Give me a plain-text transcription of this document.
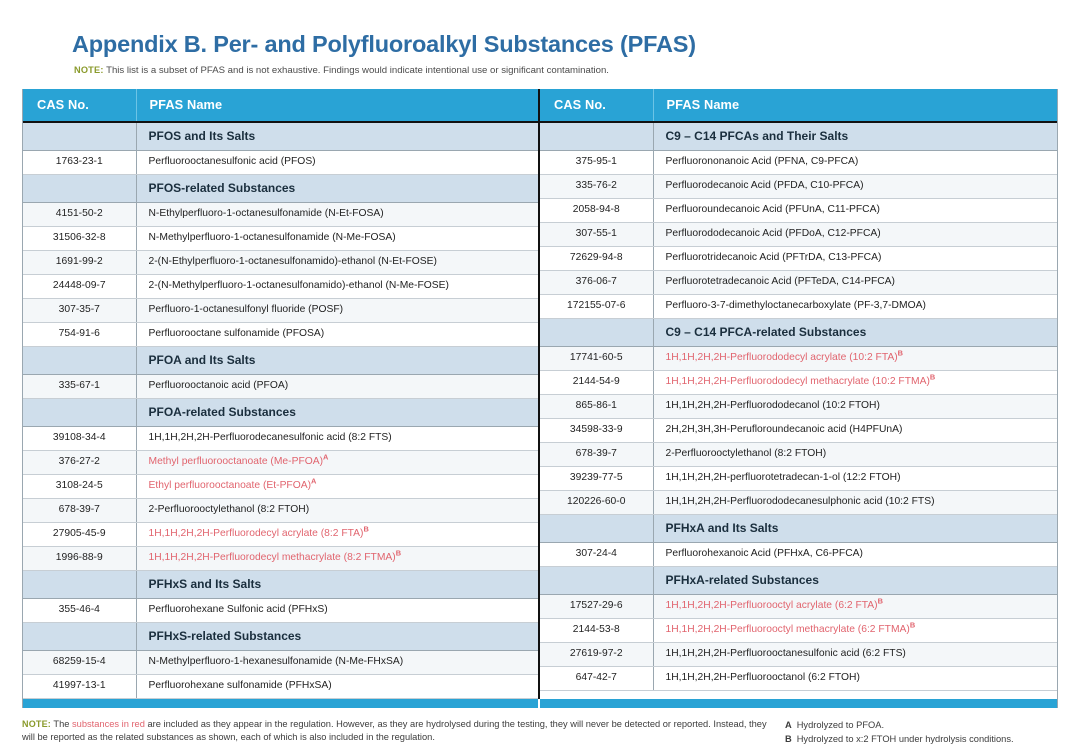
Appendix B. Per- and Polyfluoroalkyl Substances (PFAS)

NOTE: This list is a subset of PFAS and is not exhaustive. Findings would indicate intentional use or significant contamination.

CAS No.	PFAS Name
	PFOS and Its Salts
1763-23-1	Perfluorooctanesulfonic acid (PFOS)
	PFOS-related Substances
4151-50-2	N-Ethylperfluoro-1-octanesulfonamide (N-Et-FOSA)
31506-32-8	N-Methylperfluoro-1-octanesulfonamide (N-Me-FOSA)
1691-99-2	2-(N-Ethylperfluoro-1-octanesulfonamido)-ethanol (N-Et-FOSE)
24448-09-7	2-(N-Methylperfluoro-1-octanesulfonamido)-ethanol (N-Me-FOSE)
307-35-7	Perfluoro-1-octanesulfonyl fluoride (POSF)
754-91-6	Perfluorooctane sulfonamide (PFOSA)
	PFOA and Its Salts
335-67-1	Perfluorooctanoic acid (PFOA)
	PFOA-related Substances
39108-34-4	1H,1H,2H,2H-Perfluorodecanesulfonic acid (8:2 FTS)
376-27-2	Methyl perfluorooctanoate (Me-PFOA)$^A$
3108-24-5	Ethyl perfluorooctanoate (Et-PFOA)$^A$
678-39-7	2-Perfluorooctylethanol (8:2 FTOH)
27905-45-9	1H,1H,2H,2H-Perfluorodecyl acrylate (8:2 FTA)$^B$
1996-88-9	1H,1H,2H,2H-Perfluorodecyl methacrylate (8:2 FTMA)$^B$
	PFHxS and Its Salts
355-46-4	Perfluorohexane Sulfonic acid (PFHxS)
	PFHxS-related Substances
68259-15-4	N-Methylperfluoro-1-hexanesulfonamide (N-Me-FHxSA)
41997-13-1	Perfluorohexane sulfonamide (PFHxSA)
CAS No.	PFAS Name
	C9 – C14 PFCAs and Their Salts
375-95-1	Perfluorononanoic Acid (PFNA, C9-PFCA)
335-76-2	Perfluorodecanoic Acid (PFDA, C10-PFCA)
2058-94-8	Perfluoroundecanoic Acid (PFUnA, C11-PFCA)
307-55-1	Perfluorododecanoic Acid (PFDoA, C12-PFCA)
72629-94-8	Perfluorotridecanoic Acid (PFTrDA, C13-PFCA)
376-06-7	Perfluorotetradecanoic Acid (PFTeDA, C14-PFCA)
172155-07-6	Perfluoro-3-7-dimethyloctanecarboxylate (PF-3,7-DMOA)
	C9 – C14 PFCA-related Substances
17741-60-5	1H,1H,2H,2H-Perfluorododecyl acrylate (10:2 FTA)$^B$
2144-54-9	1H,1H,2H,2H-Perfluorododecyl methacrylate (10:2 FTMA)$^B$
865-86-1	1H,1H,2H,2H-Perfluorododecanol (10:2 FTOH)
34598-33-9	2H,2H,3H,3H-Perufloroundecanoic acid (H4PFUnA)
678-39-7	2-Perfluorooctylethanol (8:2 FTOH)
39239-77-5	1H,1H,2H,2H-perfluorotetradecan-1-ol (12:2 FTOH)
120226-60-0	1H,1H,2H,2H-Perfluorododecanesulphonic acid (10:2 FTS)
	PFHxA and Its Salts
307-24-4	Perfluorohexanoic Acid (PFHxA, C6-PFCA)
	PFHxA-related Substances
17527-29-6	1H,1H,2H,2H-Perfluorooctyl acrylate (6:2 FTA)$^B$
2144-53-8	1H,1H,2H,2H-Perfluorooctyl methacrylate (6:2 FTMA)$^B$
27619-97-2	1H,1H,2H,2H-Perfluorooctanesulfonic acid (6:2 FTS)
647-42-7	1H,1H,2H,2H-Perfluorooctanol (6:2 FTOH)
NOTE: The substances in red are included as they appear in the regulation. However, as they are hydrolysed during the testing, they will never be detected or reported. Instead, they will be reported as the related substances as shown, each of which is also included in the regulation.
A Hydrolyzed to PFOA.
B Hydrolyzed to x:2 FTOH under hydrolysis conditions.
